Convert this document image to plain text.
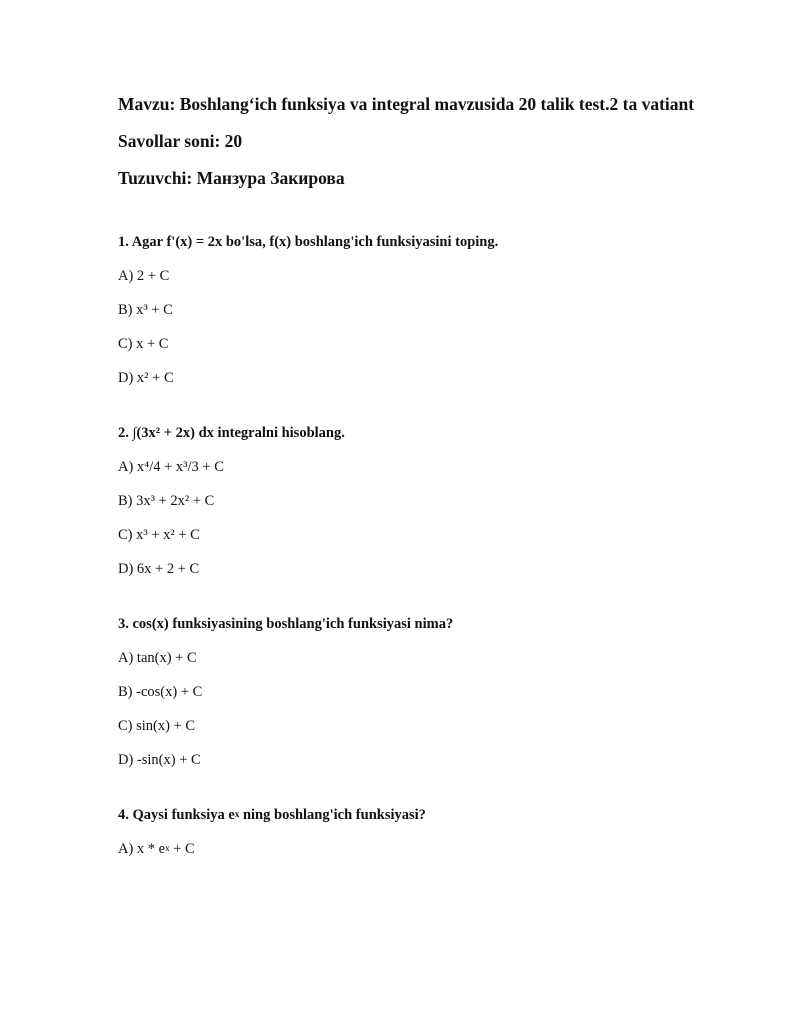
Mavzu: Boshlang‘ich funksiya va integral mavzusida 20 talik test.2 ta vatiant

Savollar soni: 20

Tuzuvchi: Манзура Закирова

1. Agar f'(x) = 2x bo'lsa, f(x) boshlang'ich funksiyasini toping.

A) 2 + C

B) x³ + C

C) x + C

D) x² + C

2. ∫(3x² + 2x) dx integralni hisoblang.

A) x⁴/4 + x³/3 + C

B) 3x³ + 2x² + C

C) x³ + x² + C

D) 6x + 2 + C

3. cos(x) funksiyasining boshlang'ich funksiyasi nima?

A) tan(x) + C

B) -cos(x) + C

C) sin(x) + C

D) -sin(x) + C

4. Qaysi funksiya $e^x$ ning boshlang'ich funksiyasi?

A) $x * e^x + C$
